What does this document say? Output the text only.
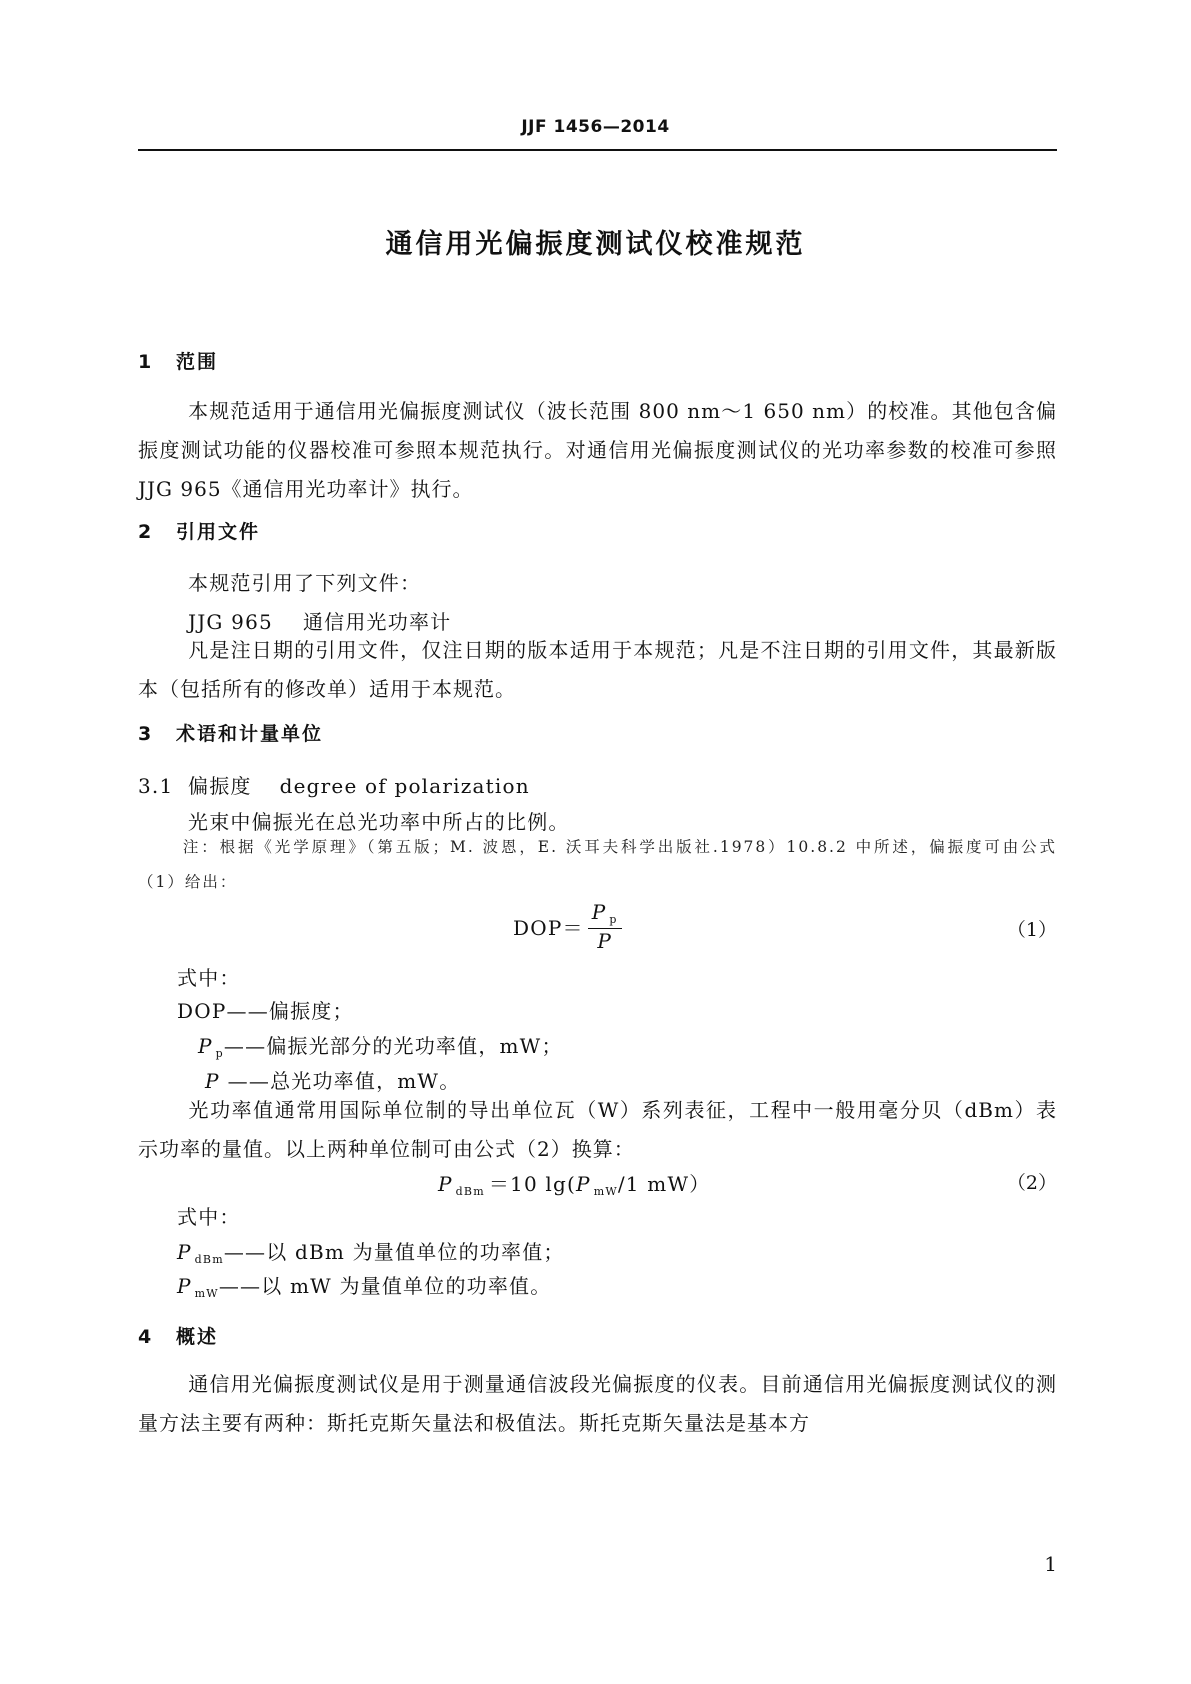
JJF 1456—2014
通信用光偏振度测试仪校准规范
1 范围
本规范适用于通信用光偏振度测试仪（波长范围 800 nm～1 650 nm）的校准。其他包含偏振度测试功能的仪器校准可参照本规范执行。对通信用光偏振度测试仪的光功率参数的校准可参照 JJG 965《通信用光功率计》执行。
2 引用文件
本规范引用了下列文件：
JJG 965 通信用光功率计
凡是注日期的引用文件，仅注日期的版本适用于本规范；凡是不注日期的引用文件，其最新版本（包括所有的修改单）适用于本规范。
3 术语和计量单位
3.1 偏振度 degree of polarization
光束中偏振光在总光功率中所占的比例。
注：根据《光学原理》（第五版；M. 波恩，E. 沃耳夫科学出版社.1978）10.8.2 中所述，偏振度可由公式（1）给出：
$DOP= \frac{P _p}{P}$	（1）
式中：
DOP——偏振度；
P $_p$——偏振光部分的光功率值，mW；
P ——总光功率值，mW。
光功率值通常用国际单位制的导出单位瓦（W）系列表征，工程中一般用毫分贝（dBm）表示功率的量值。以上两种单位制可由公式（2）换算：
P $_{dBm}$ ＝10 lg(P $_{mW}$/1 mW）	（2）
式中：
P $_{dBm}$——以 dBm 为量值单位的功率值；
P $_{mW}$——以 mW 为量值单位的功率值。
4 概述
通信用光偏振度测试仪是用于测量通信波段光偏振度的仪表。目前通信用光偏振度测试仪的测量方法主要有两种：斯托克斯矢量法和极值法。斯托克斯矢量法是基本方
1
